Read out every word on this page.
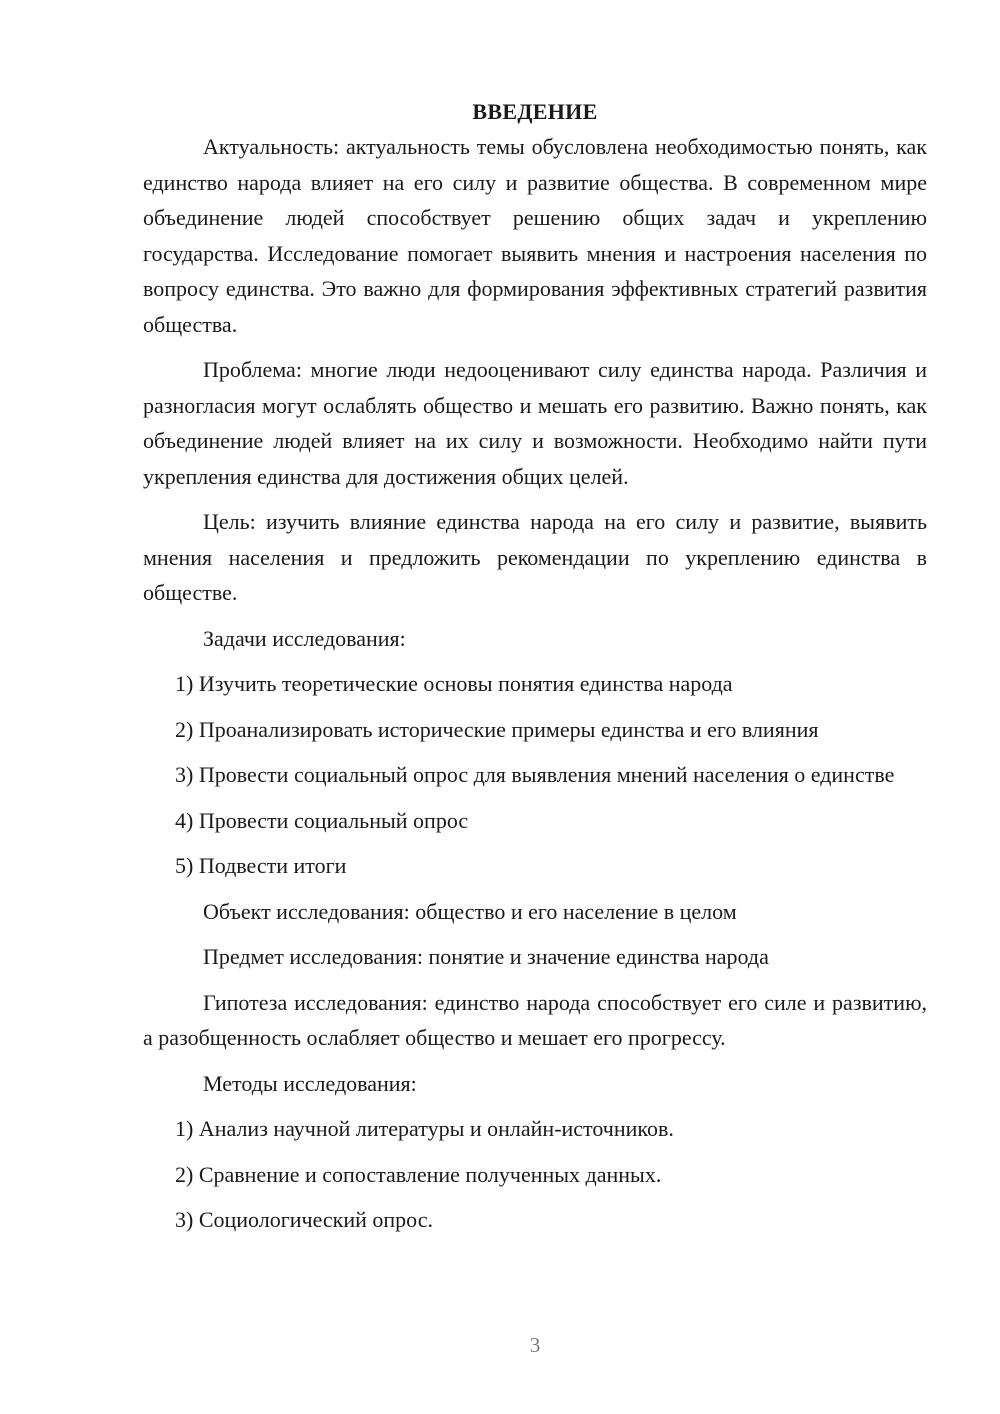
ВВЕДЕНИЕ

Актуальность: актуальность темы обусловлена необходимостью понять, как единство народа влияет на его силу и развитие общества. В современном мире объединение людей способствует решению общих задач и укреплению государства. Исследование помогает выявить мнения и настроения населения по вопросу единства. Это важно для формирования эффективных стратегий развития общества.

Проблема: многие люди недооценивают силу единства народа. Различия и разногласия могут ослаблять общество и мешать его развитию. Важно понять, как объединение людей влияет на их силу и возможности. Необходимо найти пути укрепления единства для достижения общих целей.

Цель: изучить влияние единства народа на его силу и развитие, выявить мнения населения и предложить рекомендации по укреплению единства в обществе.

Задачи исследования:

1) Изучить теоретические основы понятия единства народа

2) Проанализировать исторические примеры единства и его влияния

3) Провести социальный опрос для выявления мнений населения о единстве

4) Провести социальный опрос

5) Подвести итоги

Объект исследования: общество и его население в целом

Предмет исследования: понятие и значение единства народа

Гипотеза исследования: единство народа способствует его силе и развитию, а разобщенность ослабляет общество и мешает его прогрессу.

Методы исследования:

1) Анализ научной литературы и онлайн-источников.

2) Сравнение и сопоставление полученных данных.

3) Социологический опрос.

3
